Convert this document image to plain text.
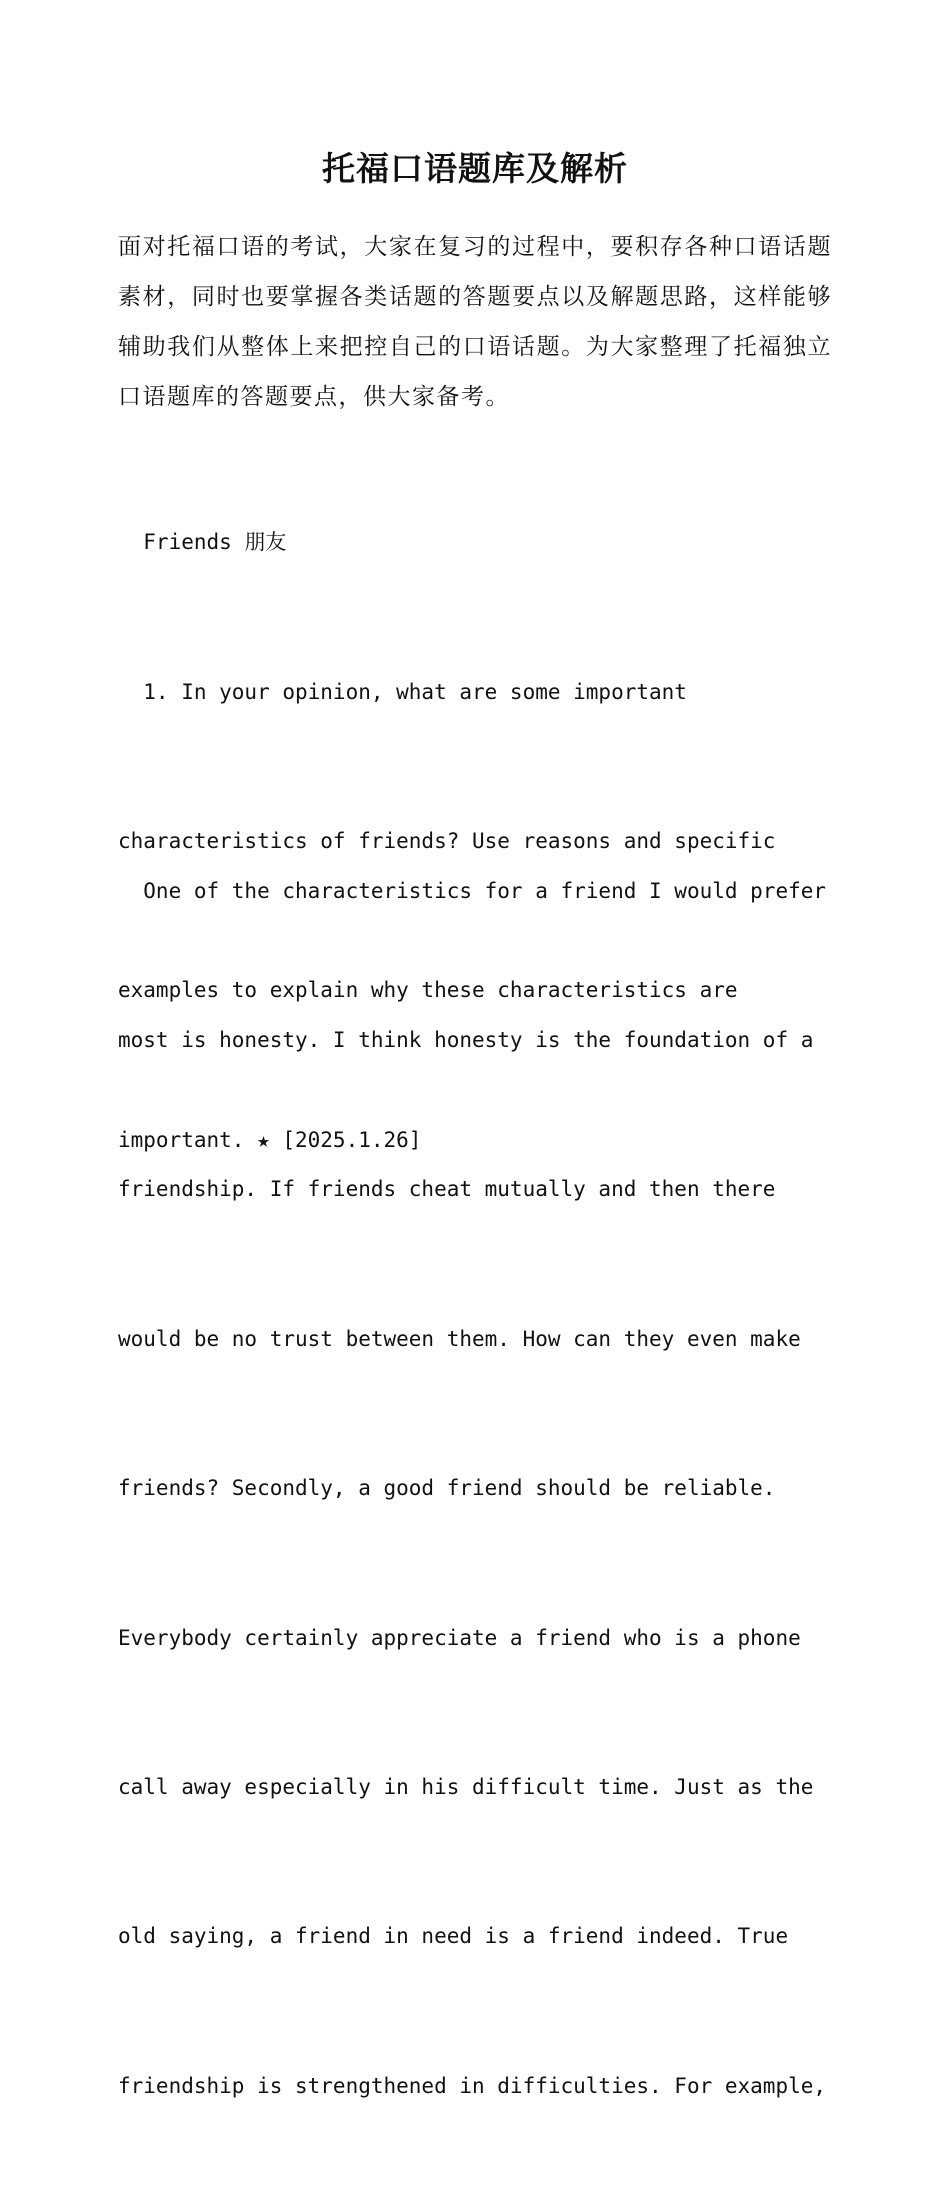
托福口语题库及解析
面对托福口语的考试，大家在复习的过程中，要积存各种口语话题素材，同时也要掌握各类话题的答题要点以及解题思路，这样能够辅助我们从整体上来把控自己的口语话题。为大家整理了托福独立口语题库的答题要点，供大家备考。
Friends 朋友

1. In your opinion, what are some important

characteristics of friends? Use reasons and specific

examples to explain why these characteristics are

important. ★ [2025.1.26]

One of the characteristics for a friend I would prefer

most is honesty. I think honesty is the foundation of a

friendship. If friends cheat mutually and then there

would be no trust between them. How can they even make

friends? Secondly, a good friend should be reliable.

Everybody certainly appreciate a friend who is a phone

call away especially in his difficult time. Just as the

old saying, a friend in need is a friend indeed. True

friendship is strengthened in difficulties. For example,
